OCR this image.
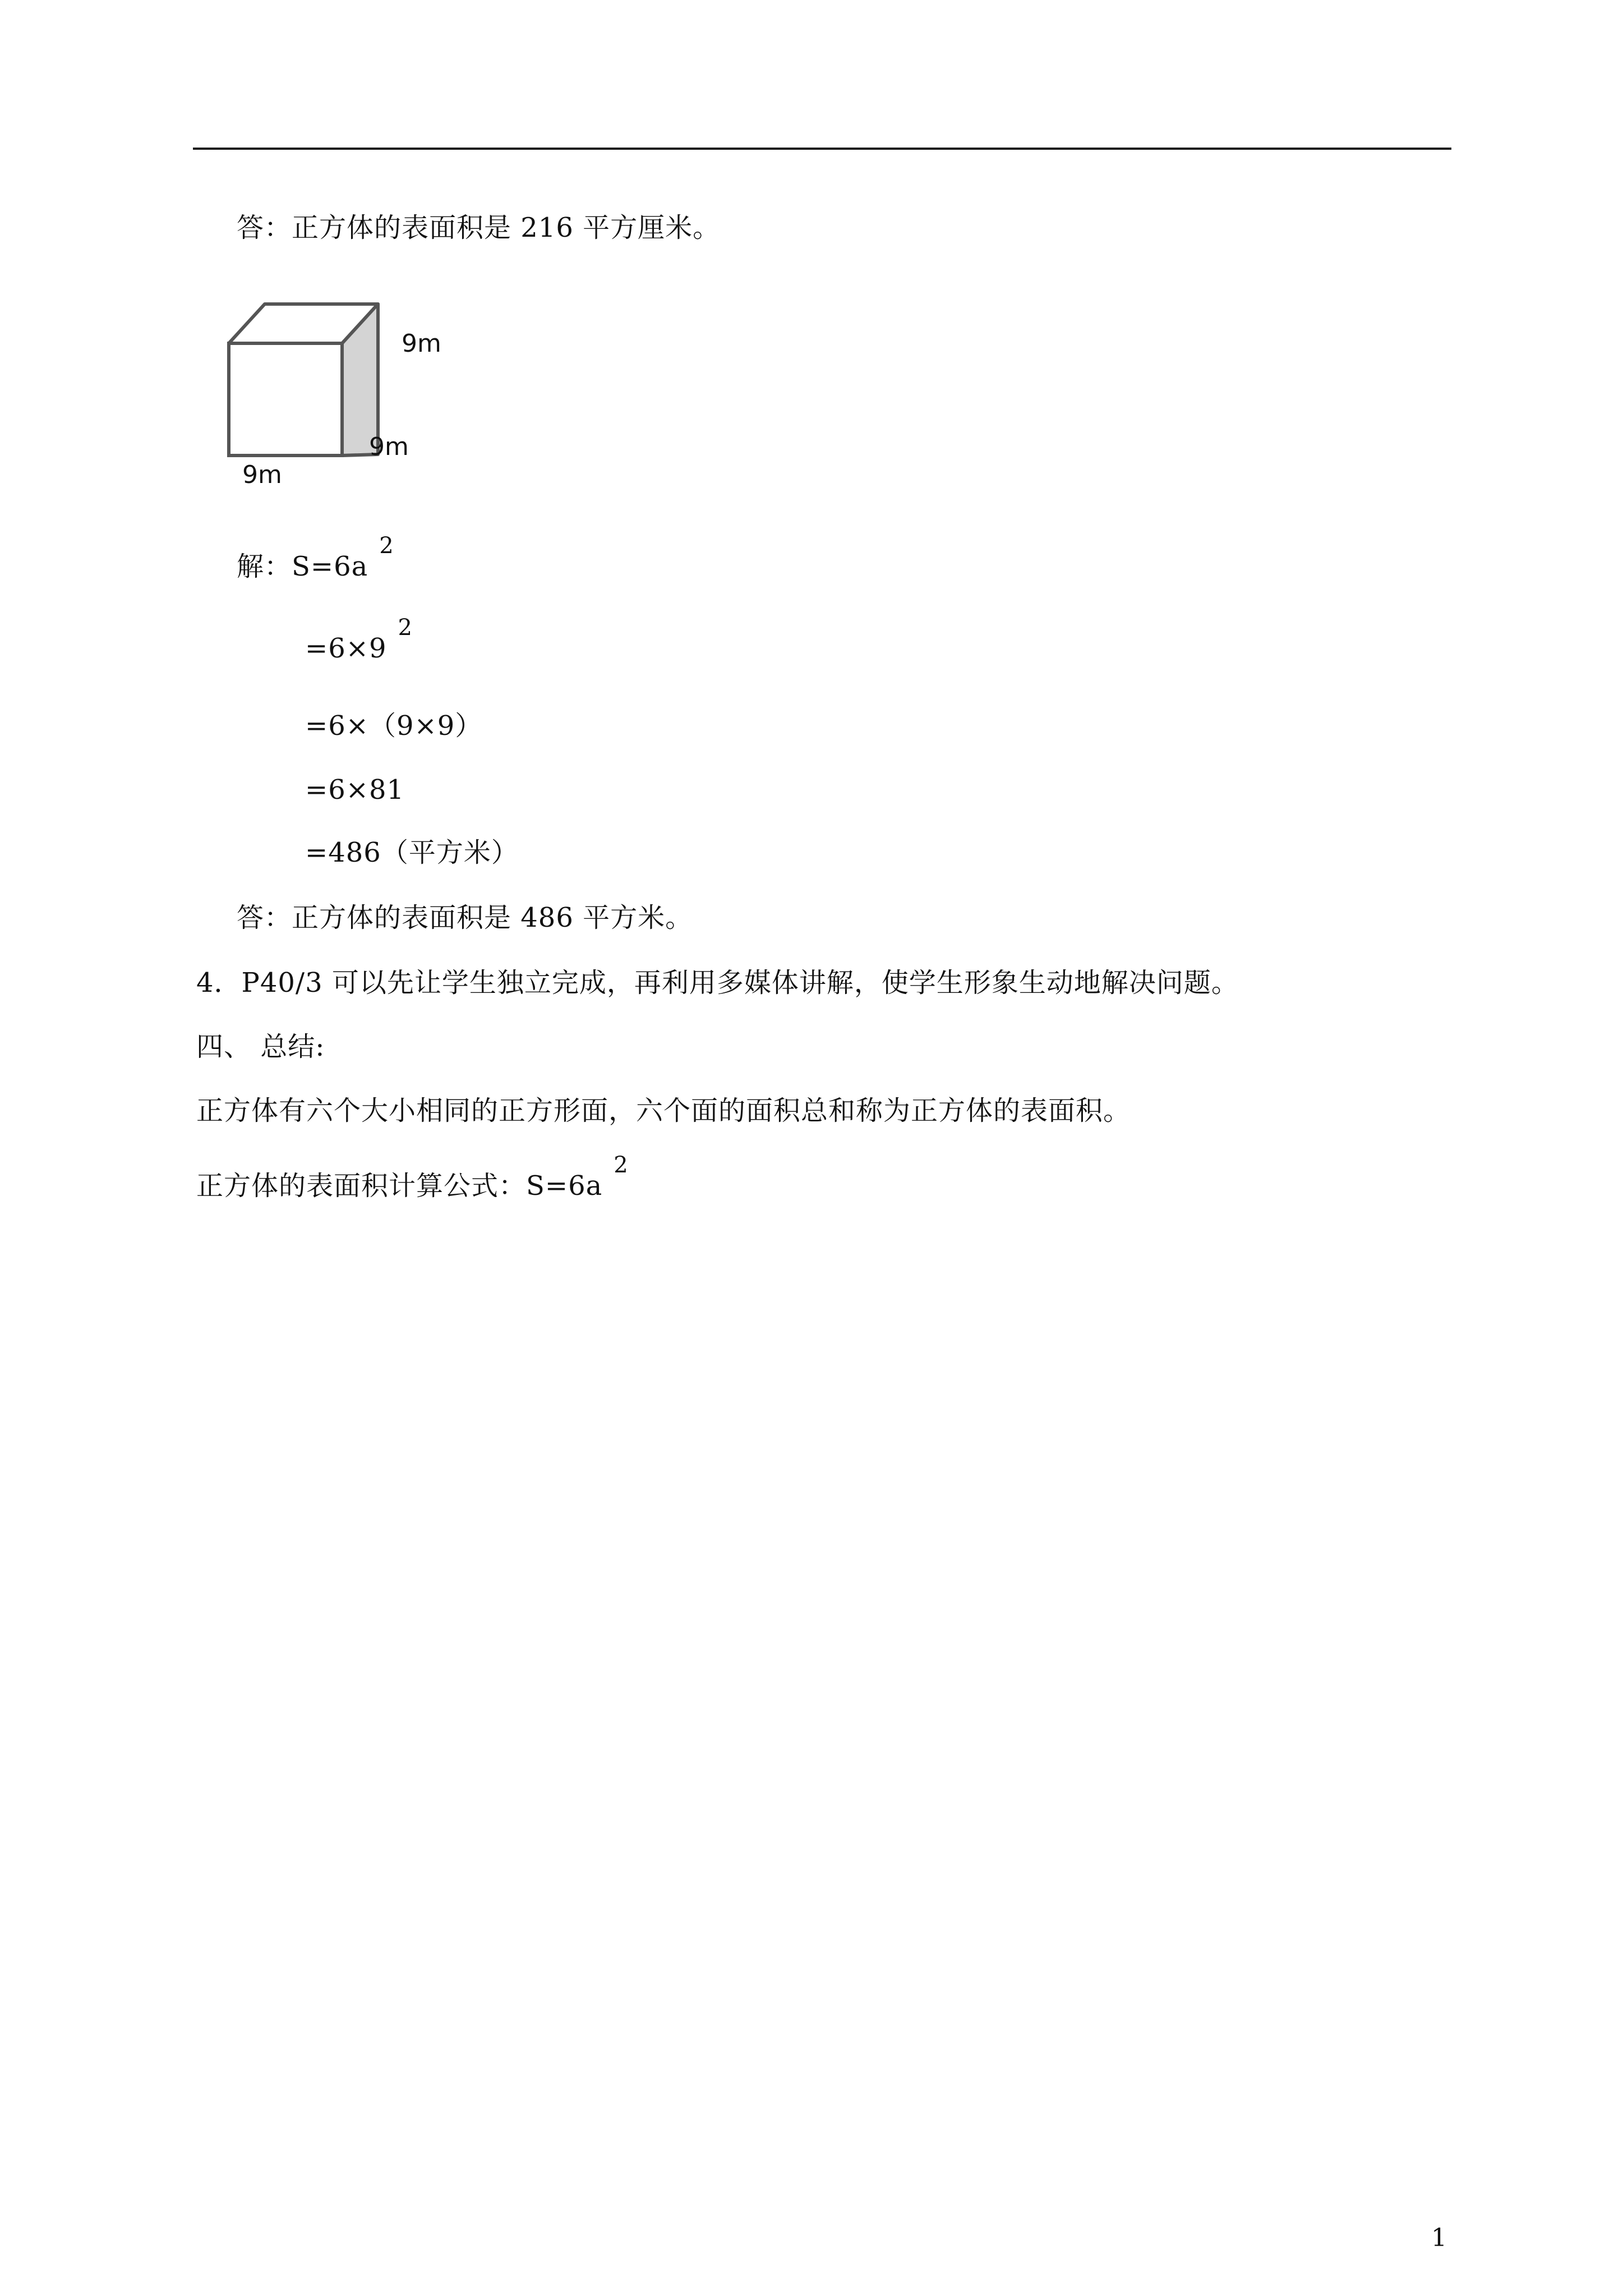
答：正方体的表面积是 216 平方厘米。
9m
9m
9m
解：S=6a2
=6×92
=6×（9×9）
=6×81
=486（平方米）
答：正方体的表面积是 486 平方米。
4．P40/3 可以先让学生独立完成，再利用多媒体讲解，使学生形象生动地解决问题。
四、 总结:
正方体有六个大小相同的正方形面，六个面的面积总和称为正方体的表面积。
正方体的表面积计算公式：S=6a2
1
